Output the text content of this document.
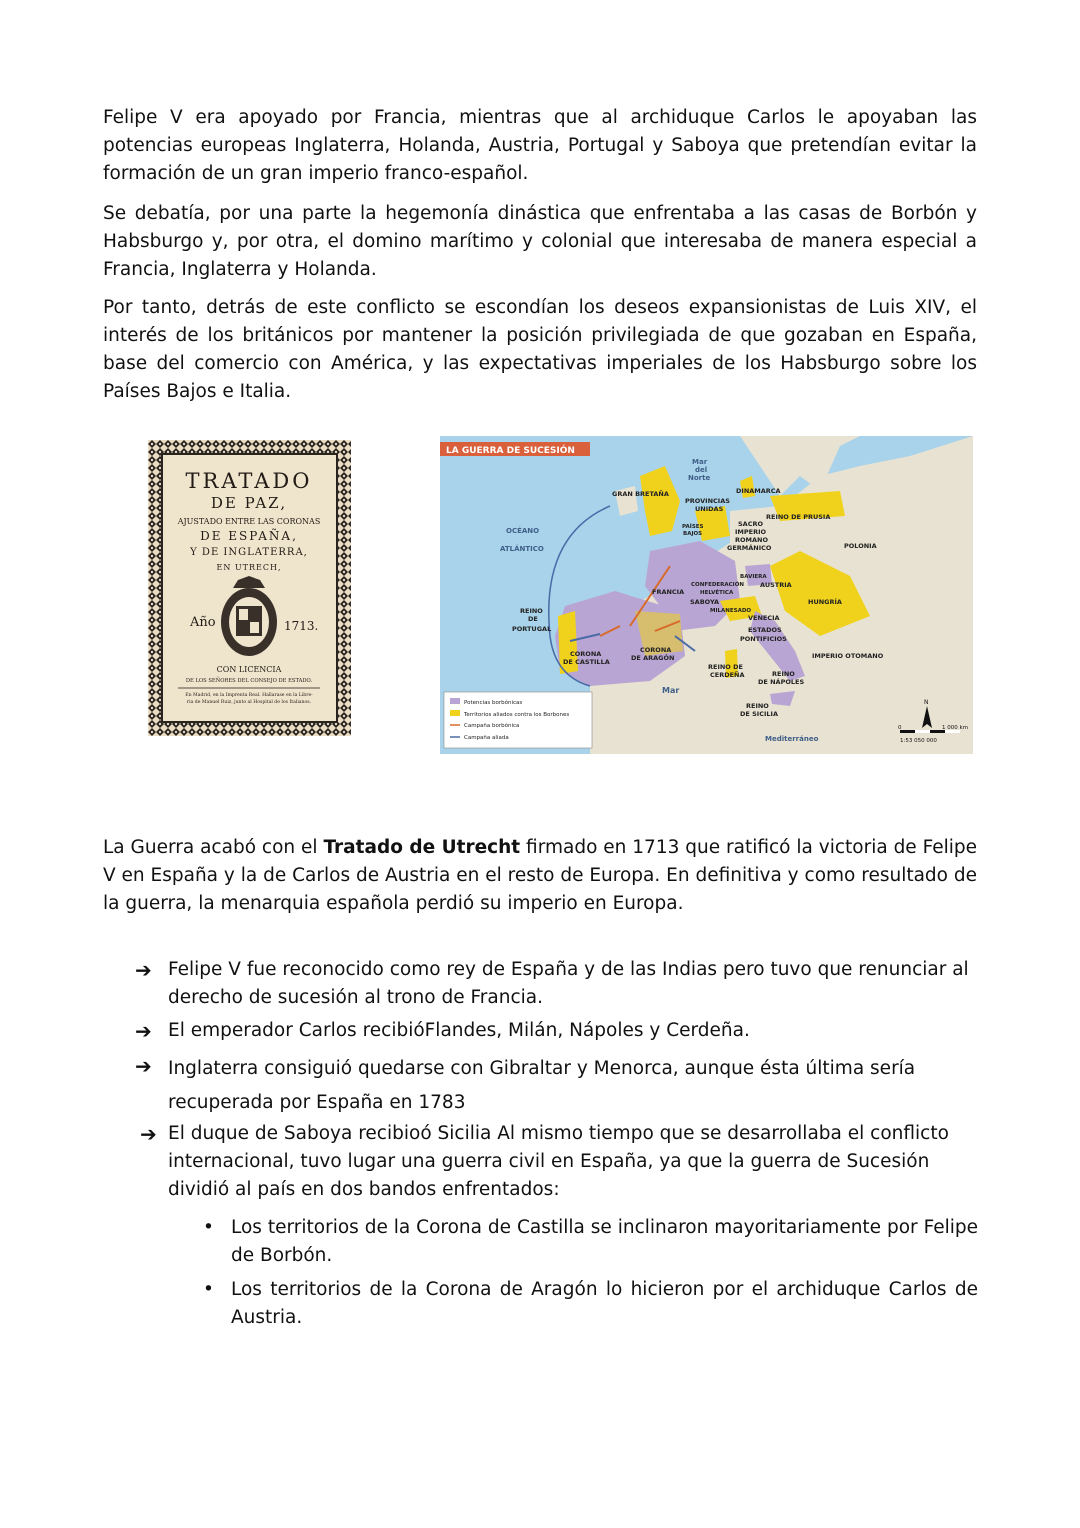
Felipe V era apoyado por Francia, mientras que al archiduque Carlos le apoyaban las potencias europeas Inglaterra, Holanda, Austria, Portugal y Saboya que pretendían evitar la formación de un gran imperio franco-español.

Se debatía, por una parte la hegemonía dinástica que enfrentaba a las casas de Borbón y Habsburgo y, por otra, el domino marítimo y colonial que interesaba de manera especial a Francia, Inglaterra y Holanda.

Por tanto, detrás de este conflicto se escondían los deseos expansionistas de Luis XIV, el interés de los británicos por mantener la posición privilegiada de que gozaban en España, base del comercio con América, y las expectativas imperiales de los Habsburgo sobre los Países Bajos e Italia.

TRATADO
DE PAZ,
AJUSTADO ENTRE LAS CORONAS
DE ESPAÑA,
Y DE INGLATERRA,
EN UTRECH,
Año	1713.
CON LICENCIA
DE LOS SEÑORES DEL CONSEJO DE ESTADO.
En Madrid, en la Imprenta Real. Hallarase en la Libre-
ria de Manuel Ruiz, junto al Hospital de los Italianos.
LA GUERRA DE SUCESIÓN
Mar
del
Norte
GRAN BRETAÑA	DINAMARCA
PROVINCIAS
UNIDAS
PAÍSES
BAJOS
REINO DE PRUSIA
SACRO
IMPERIO
ROMANO
GERMÁNICO
OCÉANO
ATLÁNTICO	POLONIA
BAVIERA
AUSTRIA
FRANCIA
CONFEDERACIÓN
HELVÉTICA
SABOYA	HUNGRÍA
MILANESADO
VENECIA
REINO
DE
PORTUGAL	ESTADOS
PONTIFICIOS
CORONA
DE CASTILLA
CORONA
DE ARAGÓN	IMPERIO OTOMANO
REINO DE
CERDEÑA	REINO
DE NÁPOLES
Mar
REINO
DE SICILIA
Mediterráneo
Potencias borbónicas
Territorios aliados contra los Borbones
Campaña borbónica
Campaña aliada
N
0	1 000 km
1:53 050 000

La Guerra acabó con el Tratado de Utrecht firmado en 1713 que ratificó la victoria de Felipe V en España y la de Carlos de Austria en el resto de Europa. En definitiva y como resultado de la guerra, la menarquia española perdió su imperio en Europa.

➔ Felipe V fue reconocido como rey de España y de las Indias pero tuvo que renunciar al derecho de sucesión al trono de Francia.
➔ El emperador Carlos recibióFlandes, Milán, Nápoles y Cerdeña.
➔ Inglaterra consiguió quedarse con Gibraltar y Menorca, aunque ésta última sería recuperada por España en 1783
➔ El duque de Saboya recibioó Sicilia Al mismo tiempo que se desarrollaba el conflicto internacional, tuvo lugar una guerra civil en España, ya que la guerra de Sucesión dividió al país en dos bandos enfrentados:
• Los territorios de la Corona de Castilla se inclinaron mayoritariamente por Felipe de Borbón.
• Los territorios de la Corona de Aragón lo hicieron por el archiduque Carlos de Austria.
